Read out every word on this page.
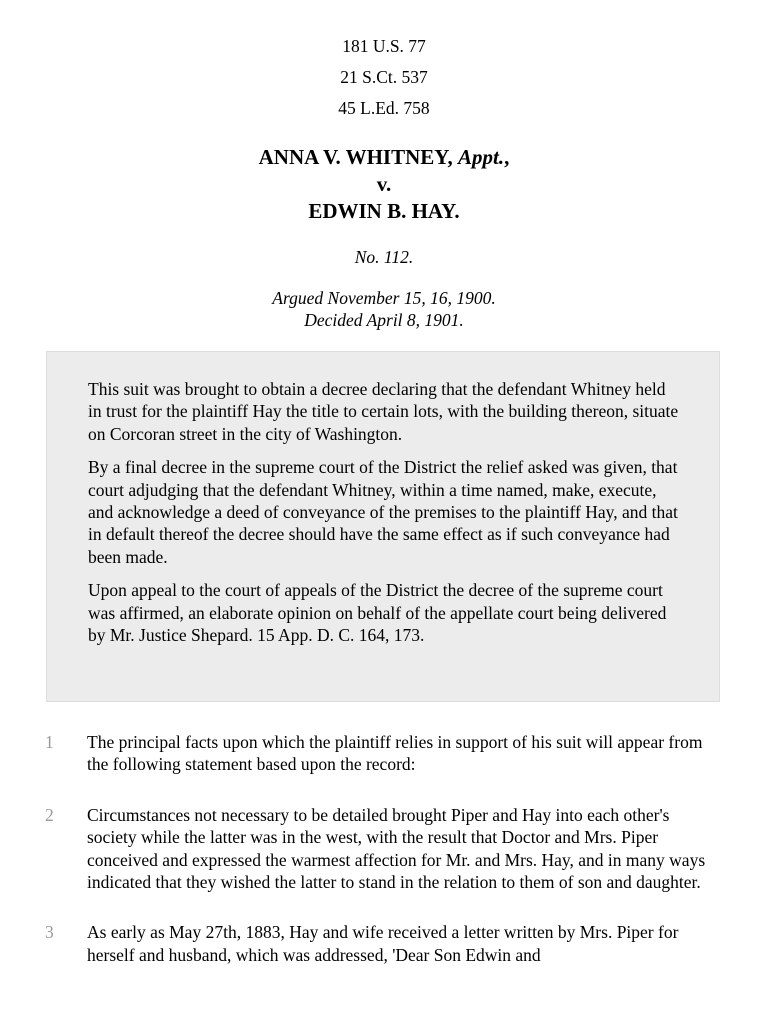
181 U.S. 77
21 S.Ct. 537
45 L.Ed. 758
ANNA V. WHITNEY, Appt.,
v.
EDWIN B. HAY.
No. 112.
Argued November 15, 16, 1900.
Decided April 8, 1901.

This suit was brought to obtain a decree declaring that the defendant Whitney held in trust for the plaintiff Hay the title to certain lots, with the building thereon, situate on Corcoran street in the city of Washington.

By a final decree in the supreme court of the District the relief asked was given, that court adjudging that the defendant Whitney, within a time named, make, execute, and acknowledge a deed of conveyance of the premises to the plaintiff Hay, and that in default thereof the decree should have the same effect as if such conveyance had been made.

Upon appeal to the court of appeals of the District the decree of the supreme court was affirmed, an elaborate opinion on behalf of the appellate court being delivered by Mr. Justice Shepard. 15 App. D. C. 164, 173.

1	The principal facts upon which the plaintiff relies in support of his suit will appear from the following statement based upon the record:
2	Circumstances not necessary to be detailed brought Piper and Hay into each other's society while the latter was in the west, with the result that Doctor and Mrs. Piper conceived and expressed the warmest affection for Mr. and Mrs. Hay, and in many ways indicated that they wished the latter to stand in the relation to them of son and daughter.
3	As early as May 27th, 1883, Hay and wife received a letter written by Mrs. Piper for herself and husband, which was addressed, 'Dear Son Edwin and
